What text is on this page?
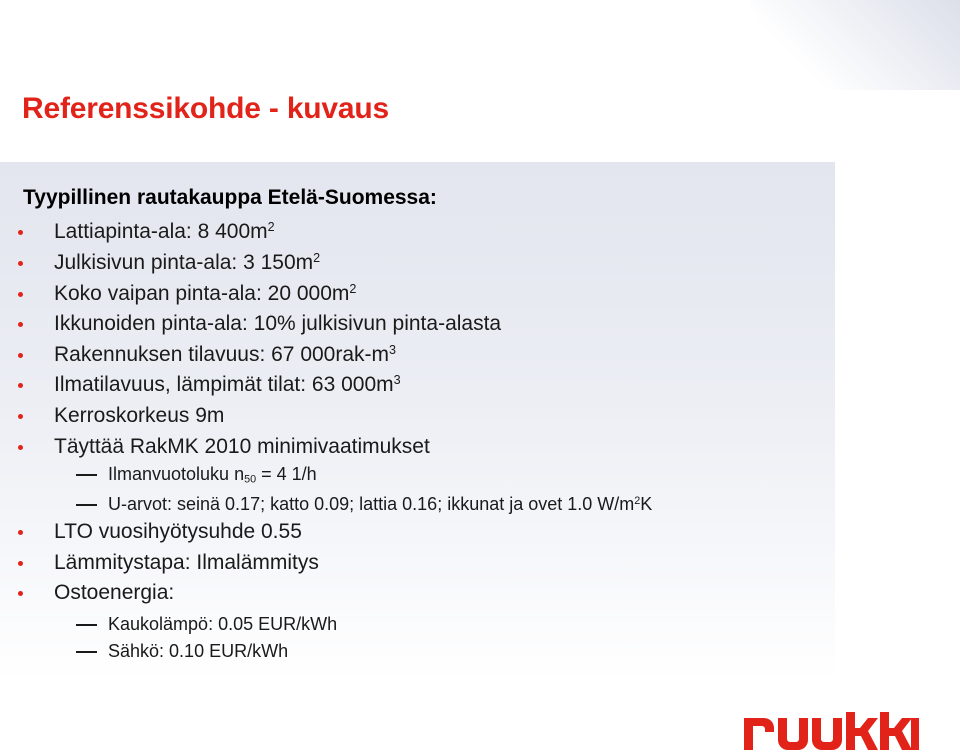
Referenssikohde - kuvaus
Tyypillinen rautakauppa Etelä-Suomessa:
Lattiapinta-ala: 8 $400m^2$
Julkisivun pinta-ala: 3 $150m^2$
Koko vaipan pinta-ala: 20 $000m^2$
Ikkunoiden pinta-ala: 10% julkisivun pinta-alasta
Rakennuksen tilavuus: 67 $000rak-m^3$
Ilmatilavuus, lämpimät tilat: 63 $000m^3$
Kerroskorkeus 9m
Täyttää RakMK 2010 minimivaatimukset
Ilmanvuotoluku $n_{50} = 4$ 1/h
U-arvot: seinä 0.17; katto 0.09; lattia 0.16; ikkunat ja ovet 1.0 $W/m^2K$
LTO vuosihyötysuhde 0.55
Lämmitystapa: Ilmalämmitys
Ostoenergia:
Kaukolämpö: 0.05 EUR/kWh
Sähkö: 0.10 EUR/kWh
